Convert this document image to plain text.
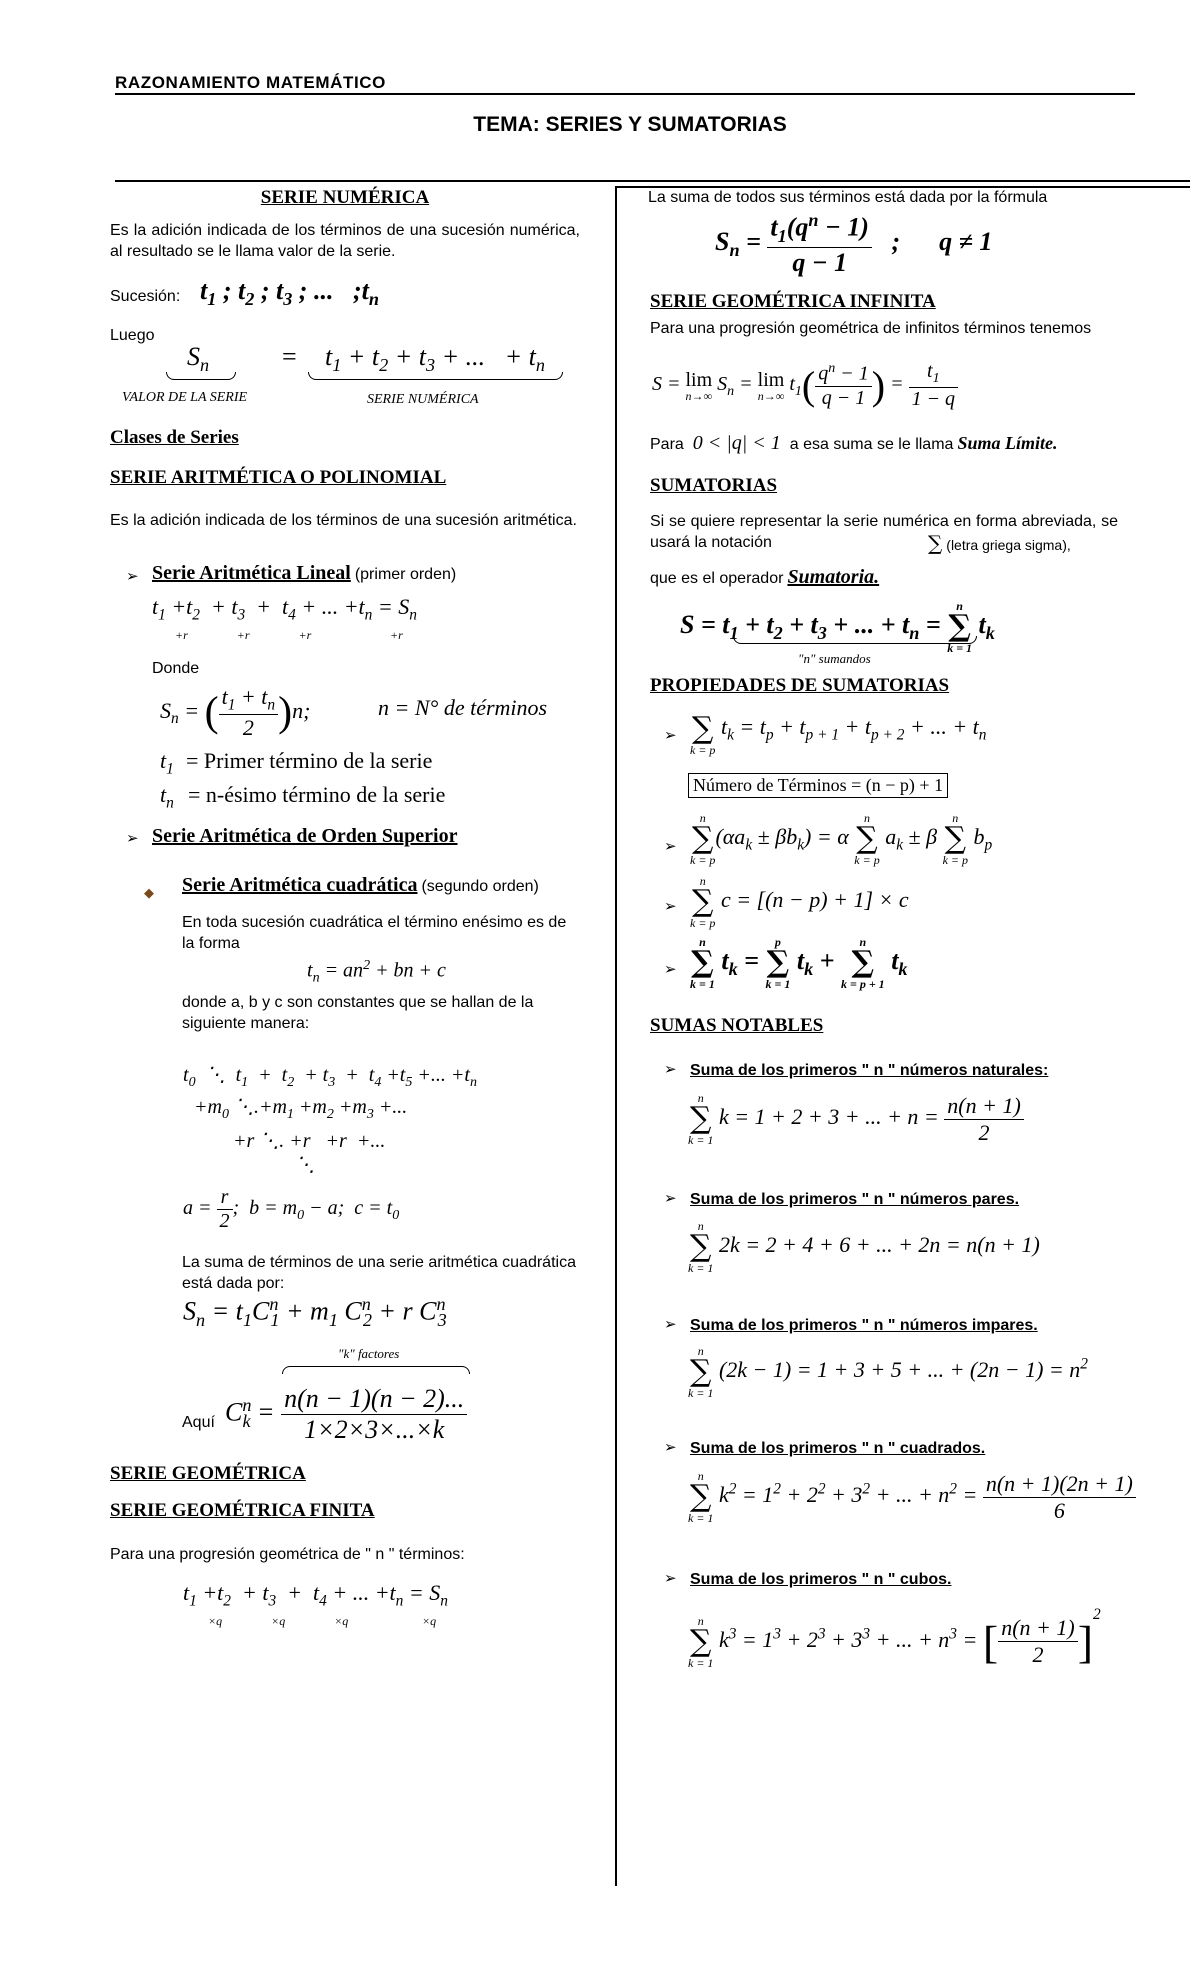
RAZONAMIENTO MATEMÁTICO
TEMA: SERIES Y SUMATORIAS
SERIE NUMÉRICA
Es la adición indicada de los términos de una sucesión numérica, al resultado se le llama valor de la serie.
Sucesión: $t_1$ ; $t_2$ ; $t_3$ ; ...   $;t_n$
Luego
$S_n$	= $t_1 + t_2 + t_3$ + ...   + $t_n$
VALOR DE LA SERIE	SERIE NUMÉRICA
Clases de Series
SERIE ARITMÉTICA O POLINOMIAL
Es la adición indicada de los términos de una sucesión aritmética.
➢ Serie Aritmética Lineal (primer orden)
$t_1 +t_2 + t_3 + t_4$ + ... $+t_n = S_n$
+r +r +r	+r
Donde
$S_n$ = ( $\frac{t_1 + t_n}{2} )n$;	n = N° de términos
$t_1$ = Primer término de la serie
$t_n$ = n-ésimo término de la serie
➢ Serie Aritmética de Orden Superior
◆ Serie Aritmética cuadrática (segundo orden)
En toda sucesión cuadrática el término enésimo es de la forma
$t_n = an^2$ + bn + c
donde a, b y c son constantes que se hallan de la siguiente manera:
$t_0$  ⋱  $t_1 + t_2 + t_3 + t_4 +t_5$ +... $+t_n$
$+m_0$ $⋱.+m_1 +m_2 +m_3$ +...
+r ⋱. +r   +r  +...
⋱
$a = \frac{r}{2}$ ;  $b = m_0 - a$;  $c = t_0$
La suma de términos de una serie aritmética cuadrática está dada por:
$S_n = t_1C^n_1 + m_1$ $C^n_2 + r$ $C^n_3$
"k" factores
Aquí $C^n_k = \frac{n(n - 1)(n - 2)...}{1\times 2\times 3\times...\times k}$
SERIE GEOMÉTRICA
SERIE GEOMÉTRICA FINITA
Para una progresión geométrica de " n " términos:
$t_1 +t_2 + t_3 + t_4$ + ... $+t_n = S_n$
×q ×q ×q	×q
La suma de todos sus términos está dada por la fórmula
$S_n = \frac{t_1(q^n - 1)}{q - 1}$ ;      q ≠ 1
SERIE GEOMÉTRICA INFINITA
Para una progresión geométrica de infinitos términos tenemos
S = lim
n→∞
$S_n = \lim$
n→∞
$t_1( \frac{q^n - 1}{q - 1}$ ) = $\frac{t_1}{1 - q}$
Para  0 < |q| < 1  a esa suma se le llama Suma Límite.
SUMATORIAS
Si se quiere representar la serie numérica en forma abreviada, se usará la notación	∑ (letra griega sigma),
que es el operador Sumatoria.
$S = t_1 + t_2 + t_3$ + ... + $t_n$ =
n
∑
k = 1
$t_k$
"n" sumandos
PROPIEDADES DE SUMATORIAS
➢
∑
k = p
$t_k = t_p + t_{p + 1} + t_{p + 2}$ + ... + $t_n$
Número de Términos = (n − p) + 1
➢
n
∑
k = p
$(\alpha a_k \pm \beta b_k) = \alpha$
n
∑
k = p
$a_k \pm \beta$
n
∑
k = p
$b_p$
➢
n
∑
k = p
c = [(n − p) + 1] × c
➢
n
∑
k = 1
$t_k$ =
p
∑
k = 1
$t_k$ +
n
∑
k = p + 1
$t_k$
SUMAS NOTABLES
➢ Suma de los primeros " n " números naturales:
n
∑
k = 1
k = 1 + 2 + 3 + ... + $n = \frac{n(n + 1)}{2}$
➢ Suma de los primeros " n " números pares.
n
∑
k = 1
2k = 2 + 4 + 6 + ... + 2n = n(n + 1)
➢ Suma de los primeros " n " números impares.
n
∑
k = 1
(2k − 1) = 1 + 3 + 5 + ... + $(2n - 1) = n^2$
➢ Suma de los primeros " n " cuadrados.
n
∑
k = 1
$k^2 = 1^2 + 2^2 + 3^2$ + ... + $n^2 = \frac{n(n + 1)(2n + 1)}{6}$
➢ Suma de los primeros " n " cubos.
n
∑
k = 1
$k^3 = 1^3 + 2^3 + 3^3$ + ... + $n^3$ = [ $\frac{n(n + 1)}{2} ]^2$
